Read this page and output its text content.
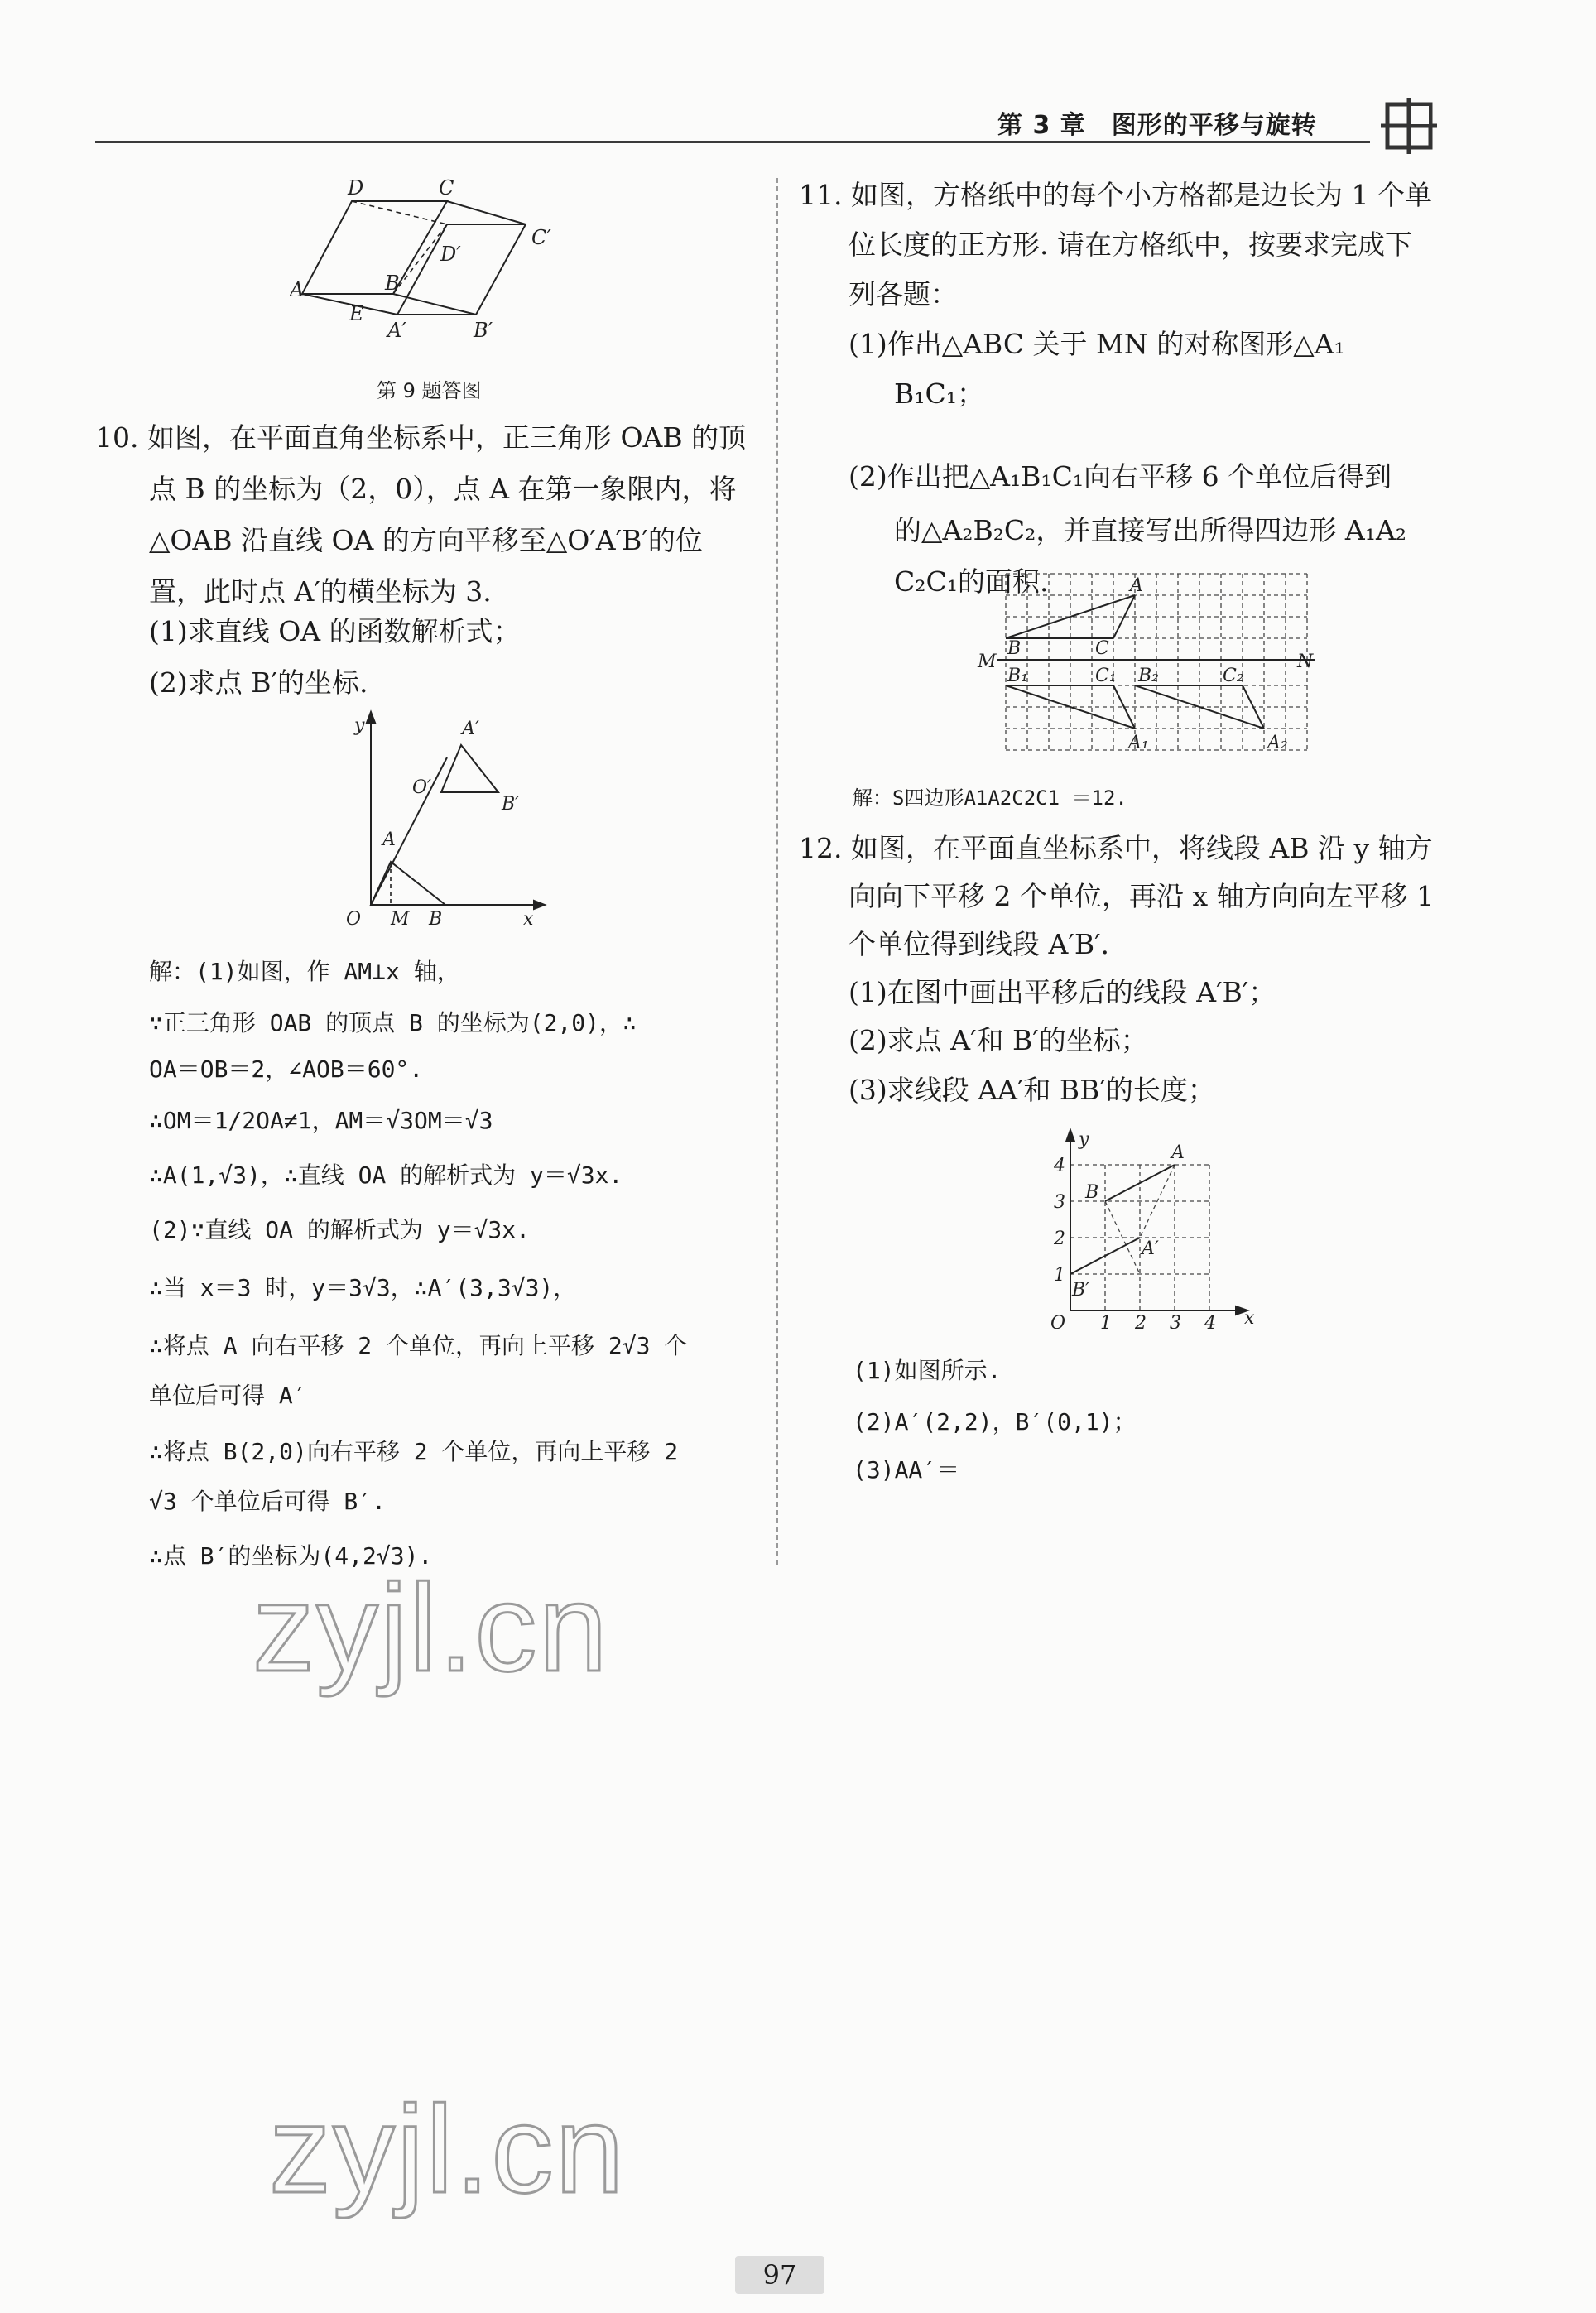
第 3 章　图形的平移与旋转
D	C
C′
D′
A	B
E
A′	B′
第 9 题答图
10. 如图，在平面直角坐标系中，正三角形 OAB 的顶
点 B 的坐标为（2，0），点 A 在第一象限内，将
△OAB 沿直线 OA 的方向平移至△O′A′B′的位
置，此时点 A′的横坐标为 3.
(1)求直线 OA 的函数解析式；
(2)求点 B′的坐标.
y
x
O M B
A
O′
A′
B′
解：(1)如图，作 AM⊥x 轴，
∵正三角形 OAB 的顶点 B 的坐标为(2,0)，∴
OA＝OB＝2，∠AOB＝60°.
∴OM＝1/2OA≠1，AM＝√3OM＝√3
∴A(1,√3)，∴直线 OA 的解析式为 y＝√3x.
(2)∵直线 OA 的解析式为 y＝√3x.
∴当 x＝3 时，y＝3√3，∴A′(3,3√3)，
∴将点 A 向右平移 2 个单位，再向上平移 2√3 个
单位后可得 A′
∴将点 B(2,0)向右平移 2 个单位，再向上平移 2
√3 个单位后可得 B′.
∴点 B′的坐标为(4,2√3).
11. 如图，方格纸中的每个小方格都是边长为 1 个单
位长度的正方形. 请在方格纸中，按要求完成下
列各题：
(1)作出△ABC 关于 MN 的对称图形△A₁
B₁C₁；
(2)作出把△A₁B₁C₁向右平移 6 个单位后得到
的△A₂B₂C₂，并直接写出所得四边形 A₁A₂
C₂C₁的面积.
M	N
A
B	C
B₁	C₁
A₁
B₂	C₂
A₂
解：S四边形A1A2C2C1 ＝12.
12. 如图，在平面直坐标系中，将线段 AB 沿 y 轴方
向向下平移 2 个单位，再沿 x 轴方向向左平移 1
个单位得到线段 A′B′.
(1)在图中画出平移后的线段 A′B′；
(2)求点 A′和 B′的坐标；
(3)求线段 AA′和 BB′的长度；
y
x
O
4
3
2
1
1 2 3 4
A
B
A′
B′
(1)如图所示.
(2)A′(2,2)，B′(0,1)；
(3)AA′＝
zyjl.cn
zyjl.cn
97
